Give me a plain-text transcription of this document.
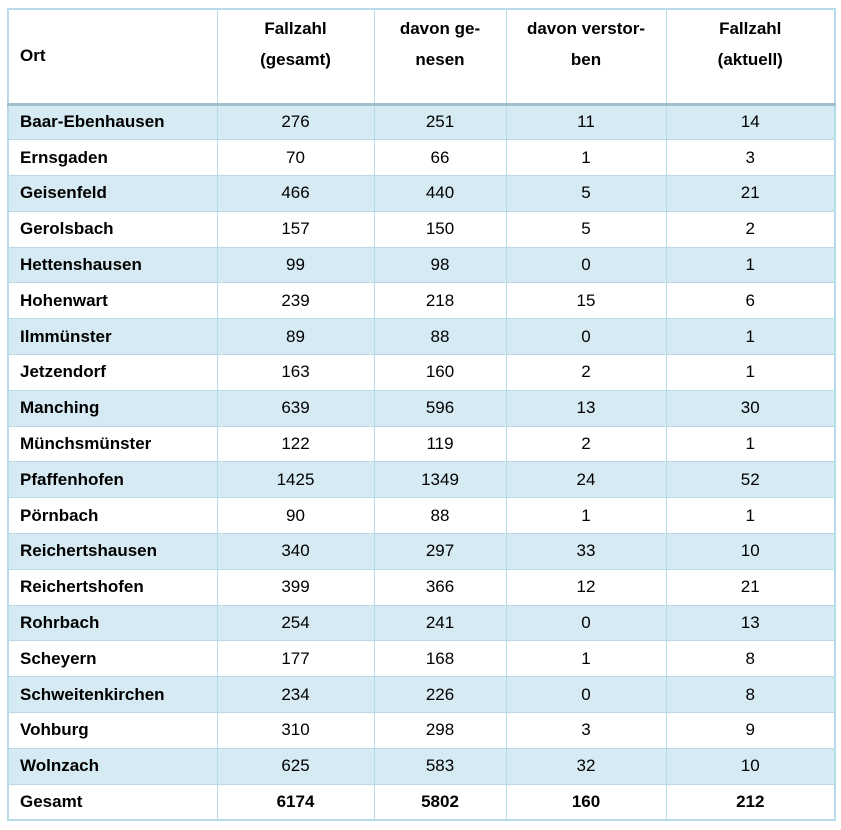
Ort

Fallzahl
(gesamt)

davon ge-
nesen

davon verstor-
ben

Fallzahl
(aktuell)

Baar-Ebenhausen	276	251	11	14
Ernsgaden	70	66	1	3
Geisenfeld	466	440	5	21
Gerolsbach	157	150	5	2
Hettenshausen	99	98	0	1
Hohenwart	239	218	15	6
Ilmmünster	89	88	0	1
Jetzendorf	163	160	2	1
Manching	639	596	13	30
Münchsmünster	122	119	2	1
Pfaffenhofen	1425	1349	24	52
Pörnbach	90	88	1	1
Reichertshausen	340	297	33	10
Reichertshofen	399	366	12	21
Rohrbach	254	241	0	13
Scheyern	177	168	1	8
Schweitenkirchen	234	226	0	8
Vohburg	310	298	3	9
Wolnzach	625	583	32	10
Gesamt	6174	5802	160	212
